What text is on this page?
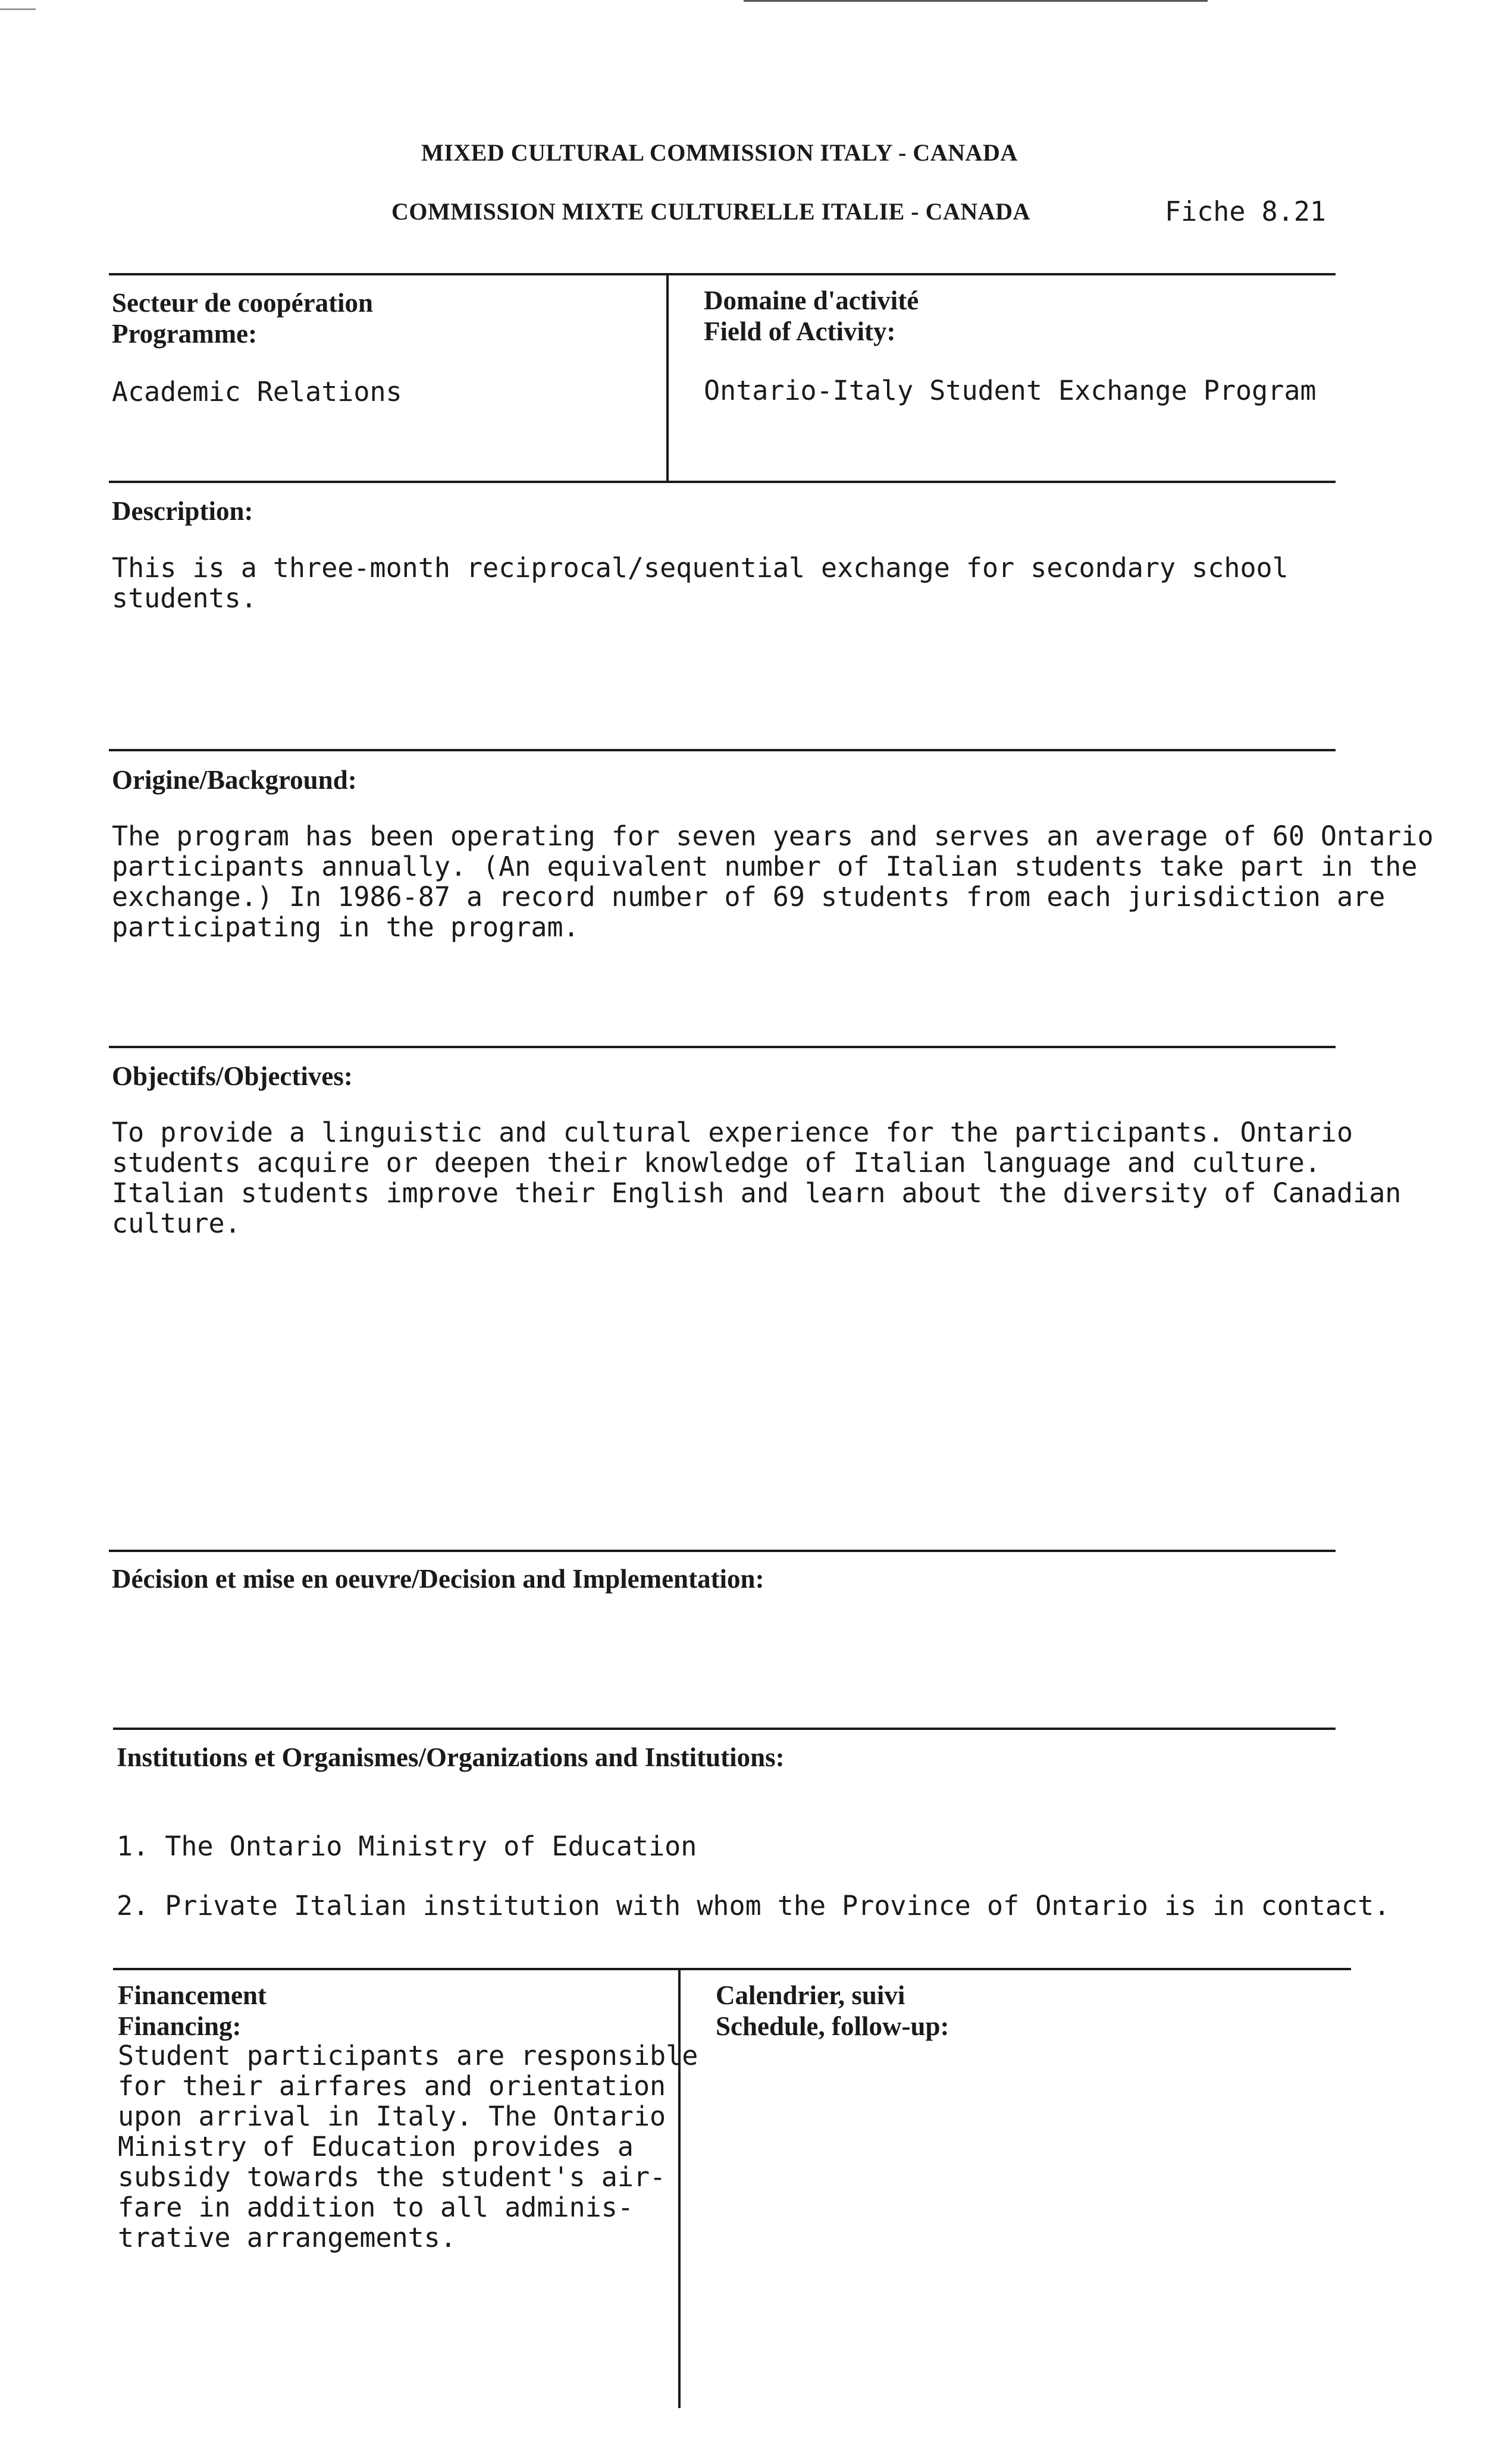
MIXED CULTURAL COMMISSION ITALY - CANADA
COMMISSION MIXTE CULTURELLE ITALIE - CANADA	Fiche 8.21
Secteur de coopération
Programme:
Academic Relations
Domaine d'activité
Field of Activity:
Ontario-Italy Student Exchange Program
Description:

This is a three-month reciprocal/sequential exchange for secondary school
students.

Origine/Background:

The program has been operating for seven years and serves an average of 60 Ontario
participants annually. (An equivalent number of Italian students take part in the
exchange.) In 1986-87 a record number of 69 students from each jurisdiction are
participating in the program.

Objectifs/Objectives:

To provide a linguistic and cultural experience for the participants. Ontario
students acquire or deepen their knowledge of Italian language and culture.
Italian students improve their English and learn about the diversity of Canadian
culture.

Décision et mise en oeuvre/Decision and Implementation:
Institutions et Organismes/Organizations and Institutions:
1. The Ontario Ministry of Education
2. Private Italian institution with whom the Province of Ontario is in contact.
Financement
Financing:

Student participants are responsible
for their airfares and orientation
upon arrival in Italy. The Ontario
Ministry of Education provides a
subsidy towards the student's air-
fare in addition to all adminis-
trative arrangements.

Calendrier, suivi
Schedule, follow-up:
